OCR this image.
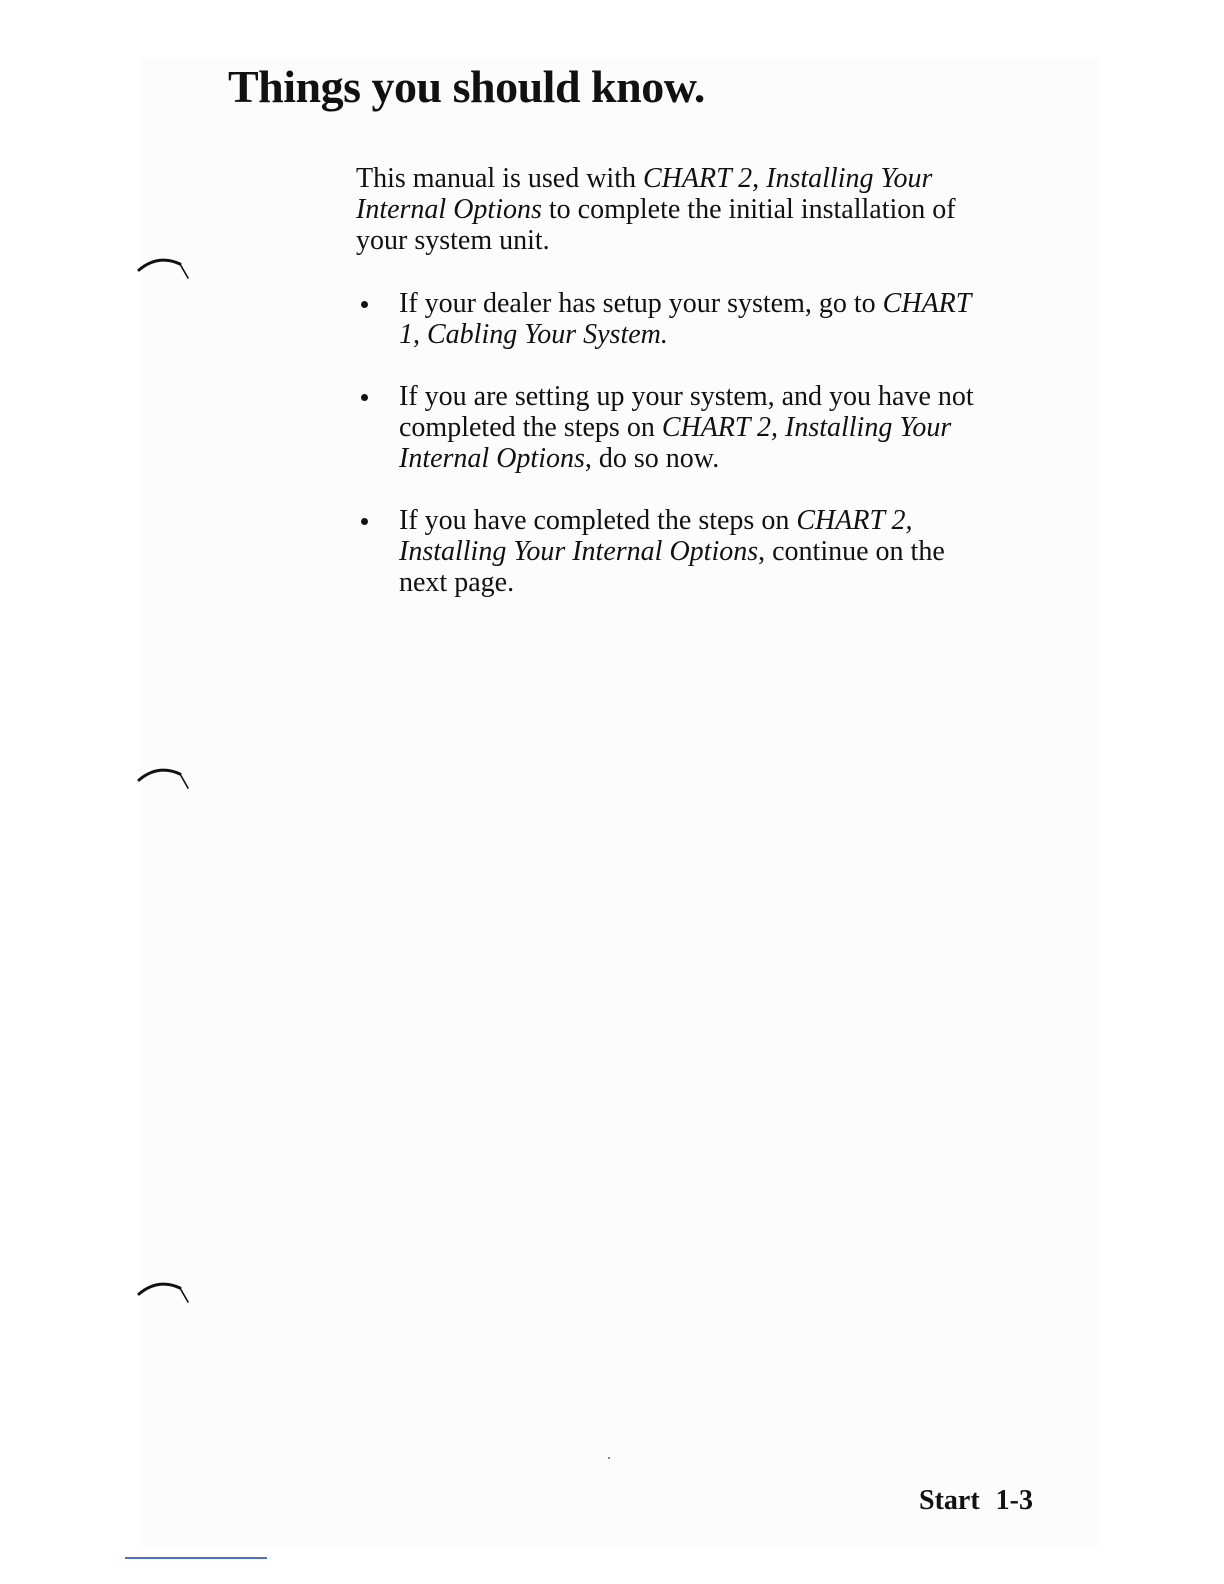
Things you should know.

This manual is used with CHART 2, Installing Your
Internal Options to complete the initial installation of
your system unit.

If your dealer has setup your system, go to CHART
1, Cabling Your System.
If you are setting up your system, and you have not
completed the steps on CHART 2, Installing Your
Internal Options, do so now.
If you have completed the steps on CHART 2,
Installing Your Internal Options, continue on the
next page.
Start 1-3
